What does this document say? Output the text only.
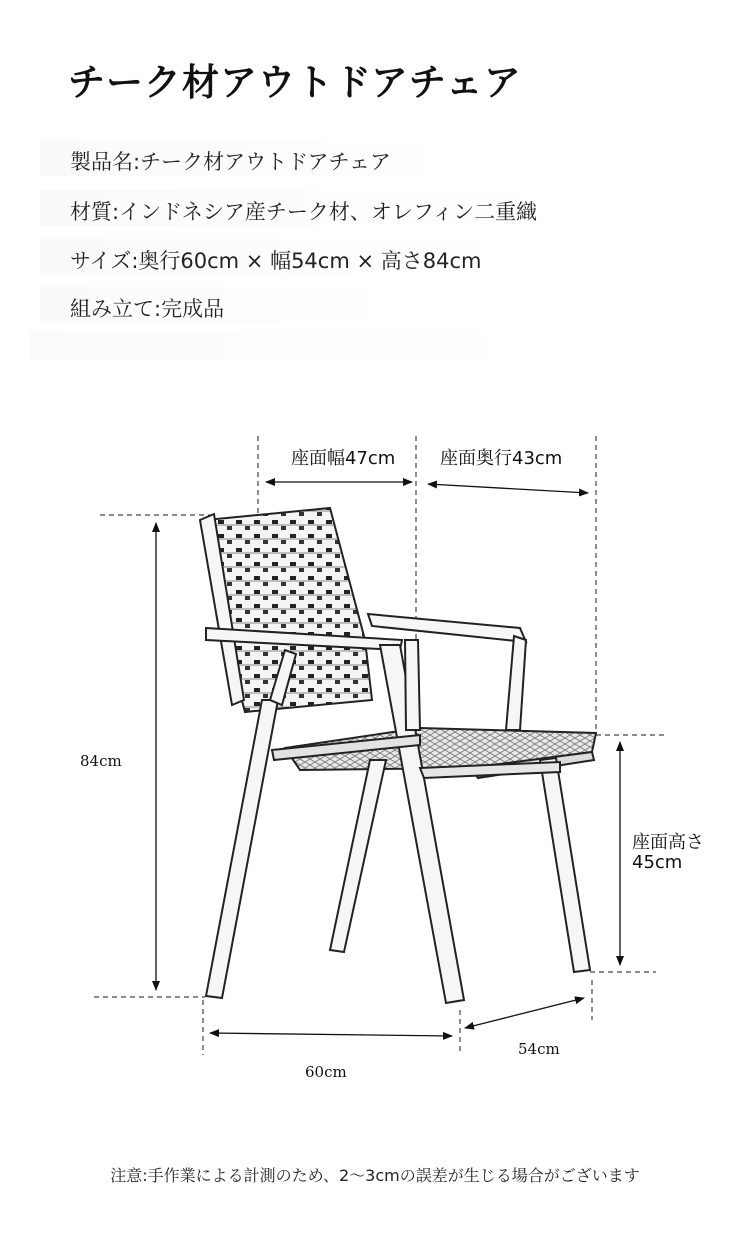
チーク材アウトドアチェア
製品名:チーク材アウトドアチェア
材質:インドネシア産チーク材、オレフィン二重織
サイズ:奥行60cm × 幅54cm × 高さ84cm
組み立て:完成品
座面幅47cm 座面奥行43cm
84cm
座面高さ
45cm
60cm
54cm
注意:手作業による計測のため、2～3cmの誤差が生じる場合がございます
